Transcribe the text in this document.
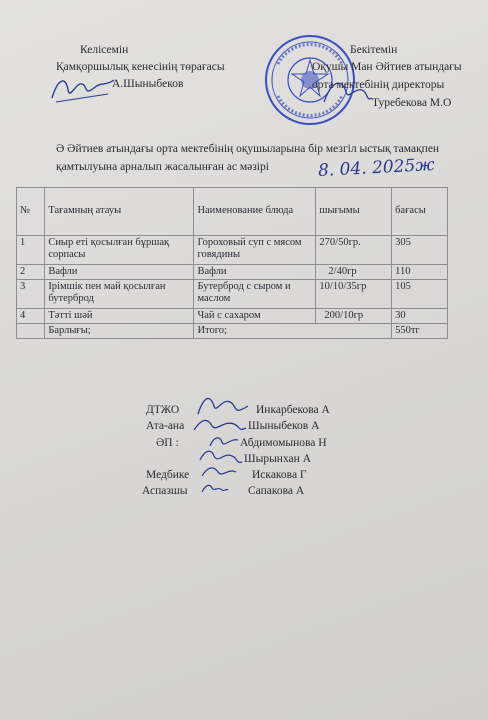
Келісемін
Қамқоршылық кенесінің төрағасы
А.Шыныбеков
Бекітемін
Оқушы Ман Әйтиев атындағы
орта мектебінің директоры
Туребекова М.О
Ә Әйтиев атындағы орта мектебінің оқушыларына бір мезгіл ыстық тамақпен
қамтылуына арналып жасалынған ас мәзірі	8. 04. 2025ж
№	Тағамның атауы	Наименование блюда	шығымы	бағасы
1	Сиыр еті қосылған бұршақ сорпасы	Гороховый суп с мясом говядины	270/50гр.	305
2	Вафли	Вафли	2/40гр	110
3	Ірімшік пен май қосылған бутерброд	Бутерброд с сыром и маслом	10/10/35гр	105
4	Тәтті шәй	Чай с сахаром	200/10гр	30
	Барлығы;	Итого;		550тг
ДТЖО	Инкарбекова А
Ата-ана	Шыныбеков А
ӘП :	Абдимомынова Н
Шырынхан А
Медбике	Искакова Г
Аспазшы	Сапакова А
